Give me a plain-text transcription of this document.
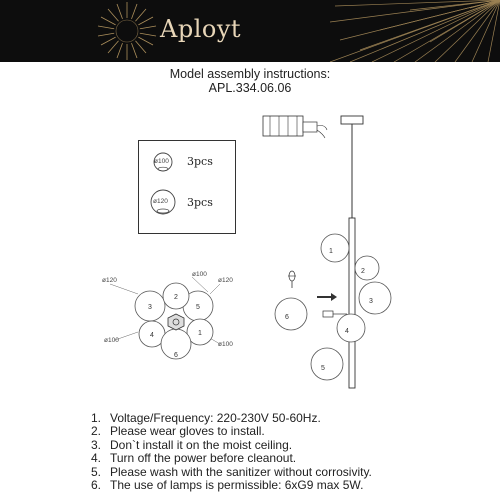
Aployt
Model assembly instructions:
APL.334.06.06
ø100 3pcs
ø120 3pcs
1
2
3
4
5
6
ø120
ø100
ø120
ø100
ø100
1
2
3
4
5
6
1. Voltage/Frequency: 220-230V 50-60Hz.
2. Please wear gloves to install.
3. Don`t install it on the moist ceiling.
4. Turn off the power before cleanout.
5. Please wash with the sanitizer without corrosivity.
6. The use of lamps is permissible: 6xG9 max 5W.
